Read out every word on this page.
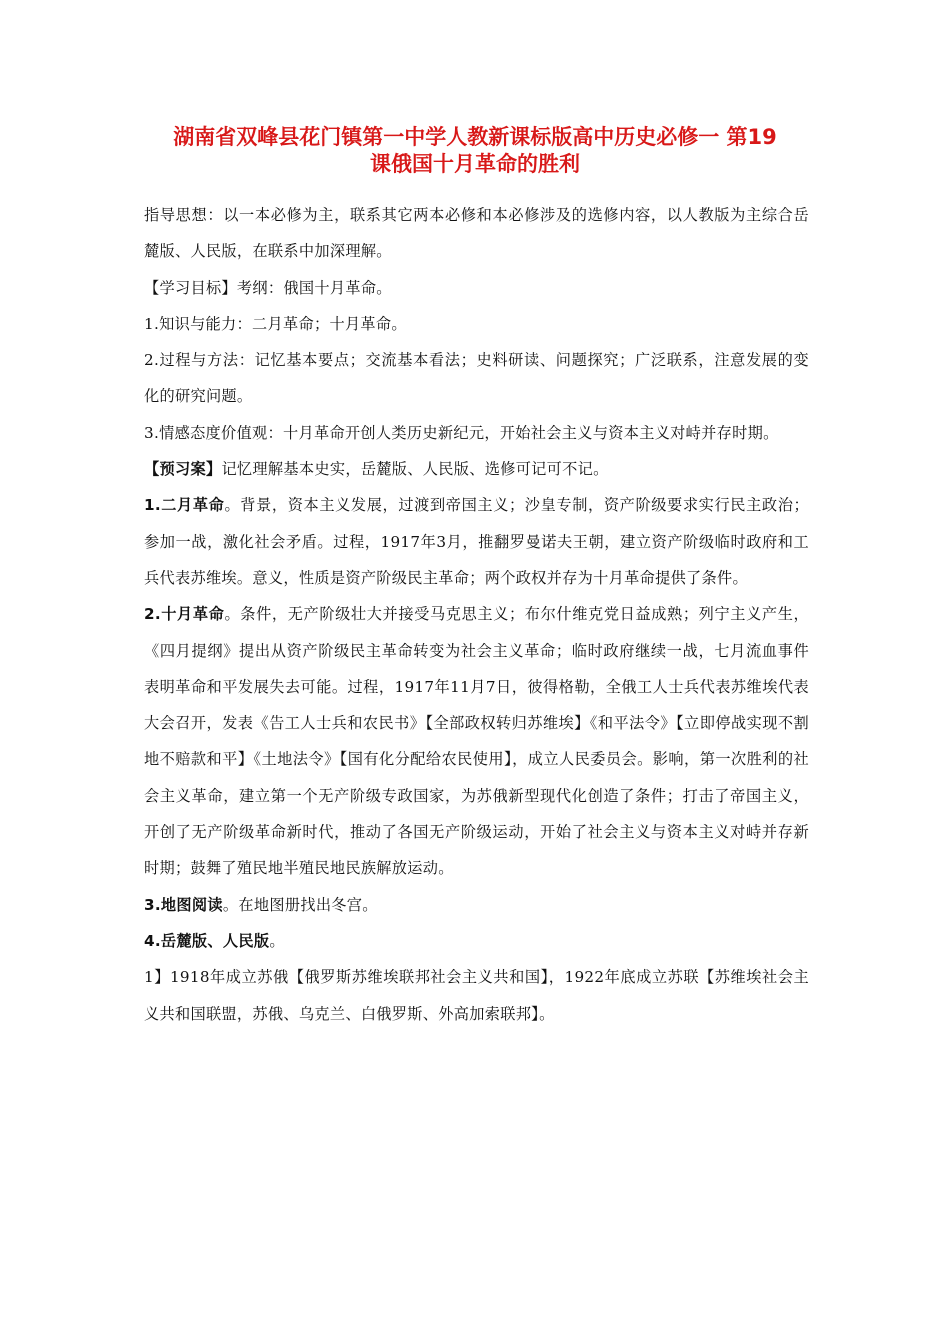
湖南省双峰县花门镇第一中学人教新课标版高中历史必修一 第19
课俄国十月革命的胜利

指导思想：以一本必修为主，联系其它两本必修和本必修涉及的选修内容，以人教版为主综合岳麓版、人民版，在联系中加深理解。

【学习目标】考纲：俄国十月革命。

1.知识与能力：二月革命；十月革命。

2.过程与方法：记忆基本要点；交流基本看法；史料研读、问题探究；广泛联系，注意发展的变化的研究问题。

3.情感态度价值观：十月革命开创人类历史新纪元，开始社会主义与资本主义对峙并存时期。

【预习案】记忆理解基本史实，岳麓版、人民版、选修可记可不记。

1.二月革命。背景，资本主义发展，过渡到帝国主义；沙皇专制，资产阶级要求实行民主政治；参加一战，激化社会矛盾。过程，1917年3月，推翻罗曼诺夫王朝，建立资产阶级临时政府和工兵代表苏维埃。意义，性质是资产阶级民主革命；两个政权并存为十月革命提供了条件。

2.十月革命。条件，无产阶级壮大并接受马克思主义；布尔什维克党日益成熟；列宁主义产生，《四月提纲》提出从资产阶级民主革命转变为社会主义革命；临时政府继续一战，七月流血事件表明革命和平发展失去可能。过程，1917年11月7日，彼得格勒，全俄工人士兵代表苏维埃代表大会召开，发表《告工人士兵和农民书》【全部政权转归苏维埃】《和平法令》【立即停战实现不割地不赔款和平】《土地法令》【国有化分配给农民使用】，成立人民委员会。影响，第一次胜利的社会主义革命，建立第一个无产阶级专政国家，为苏俄新型现代化创造了条件；打击了帝国主义，开创了无产阶级革命新时代，推动了各国无产阶级运动，开始了社会主义与资本主义对峙并存新时期；鼓舞了殖民地半殖民地民族解放运动。

3.地图阅读。在地图册找出冬宫。

4.岳麓版、人民版。

1】1918年成立苏俄【俄罗斯苏维埃联邦社会主义共和国】，1922年底成立苏联【苏维埃社会主义共和国联盟，苏俄、乌克兰、白俄罗斯、外高加索联邦】。
